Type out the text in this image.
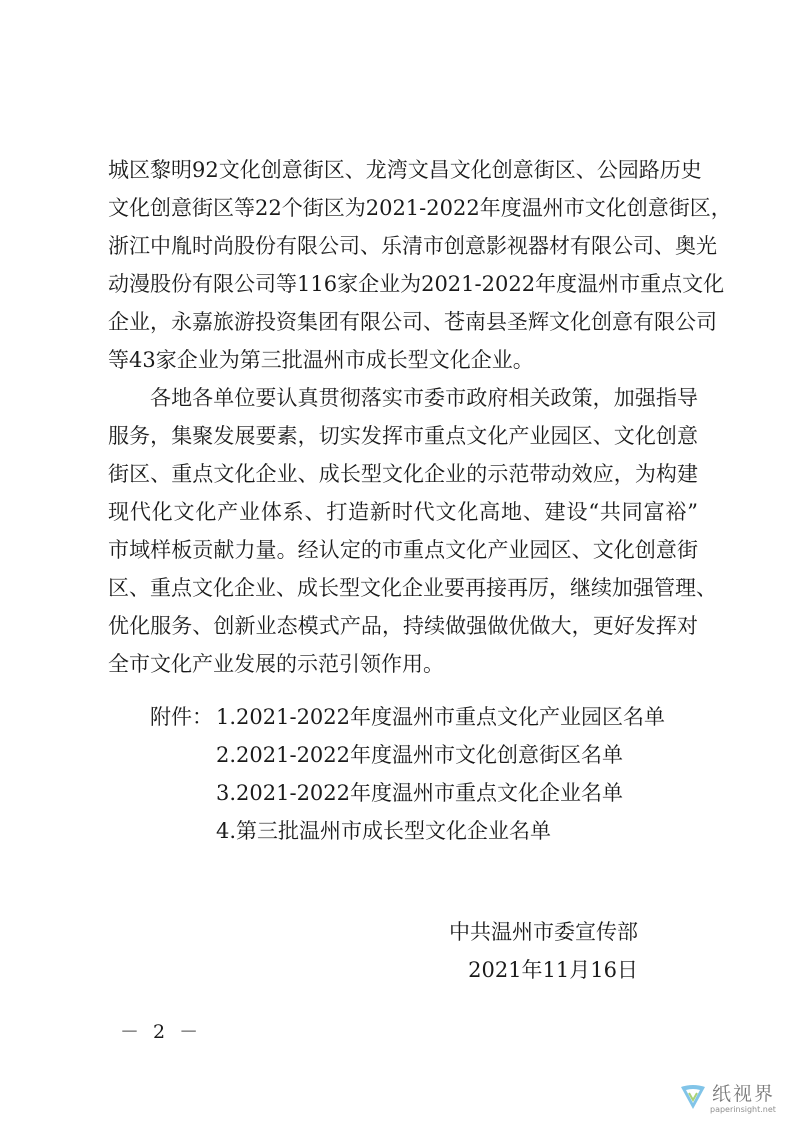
城区黎明92文化创意街区、龙湾文昌文化创意街区、公园路历史
文化创意街区等22个街区为2021-2022年度温州市文化创意街区，
浙江中胤时尚股份有限公司、乐清市创意影视器材有限公司、奥光
动漫股份有限公司等116家企业为2021-2022年度温州市重点文化
企业，永嘉旅游投资集团有限公司、苍南县圣辉文化创意有限公司
等43家企业为第三批温州市成长型文化企业。
各地各单位要认真贯彻落实市委市政府相关政策，加强指导
服务，集聚发展要素，切实发挥市重点文化产业园区、文化创意
街区、重点文化企业、成长型文化企业的示范带动效应，为构建
现代化文化产业体系、打造新时代文化高地、建设“共同富裕”
市域样板贡献力量。经认定的市重点文化产业园区、文化创意街
区、重点文化企业、成长型文化企业要再接再厉，继续加强管理、
优化服务、创新业态模式产品，持续做强做优做大，更好发挥对
全市文化产业发展的示范引领作用。
附件： 1.2021-2022年度温州市重点文化产业园区名单
2.2021-2022年度温州市文化创意街区名单
3.2021-2022年度温州市重点文化企业名单
4.第三批温州市成长型文化企业名单
中共温州市委宣传部
2021年11月16日
－ 2 －
纸视界
paperinsight.net
